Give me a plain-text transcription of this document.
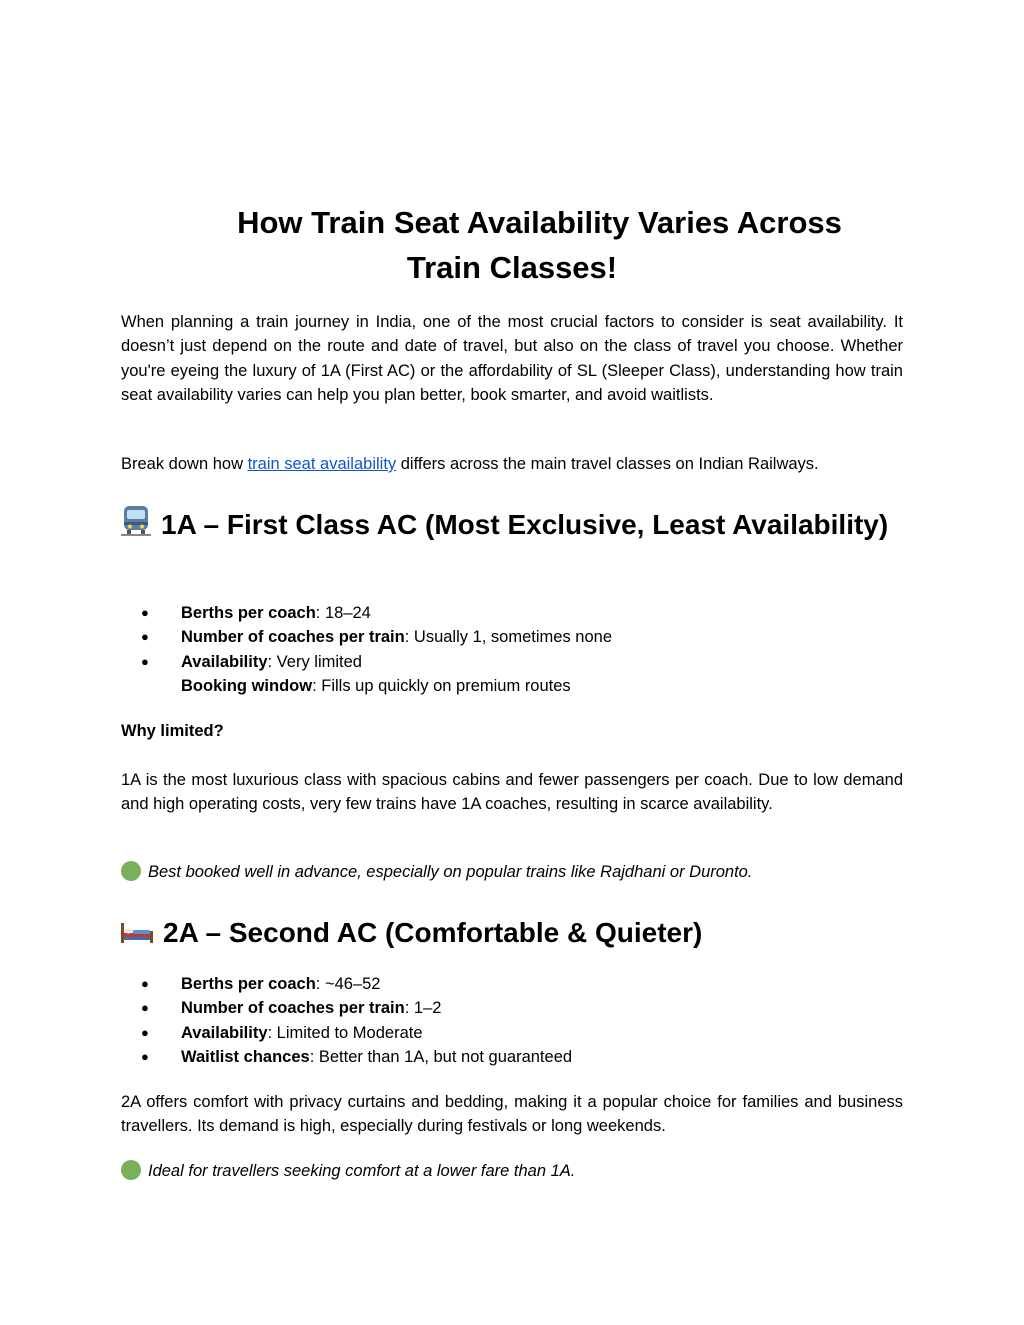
How Train Seat Availability Varies Across
Train Classes!

When planning a train journey in India, one of the most crucial factors to consider is seat availability. It doesn’t just depend on the route and date of travel, but also on the class of travel you choose. Whether you're eyeing the luxury of 1A (First AC) or the affordability of SL (Sleeper Class), understanding how train seat availability varies can help you plan better, book smarter, and avoid waitlists.

Break down how train seat availability differs across the main travel classes on Indian Railways.

1A – First Class AC (Most Exclusive, Least Availability)
● Berths per coach: 18–24
● Number of coaches per train: Usually 1, sometimes none
● Availability: Very limited
Booking window: Fills up quickly on premium routes
Why limited?

1A is the most luxurious class with spacious cabins and fewer passengers per coach. Due to low demand and high operating costs, very few trains have 1A coaches, resulting in scarce availability.

Best booked well in advance, especially on popular trains like Rajdhani or Duronto.

2A – Second AC (Comfortable & Quieter)
● Berths per coach: ~46–52
● Number of coaches per train: 1–2
● Availability: Limited to Moderate
● Waitlist chances: Better than 1A, but not guaranteed

2A offers comfort with privacy curtains and bedding, making it a popular choice for families and business travellers. Its demand is high, especially during festivals or long weekends.

Ideal for travellers seeking comfort at a lower fare than 1A.
